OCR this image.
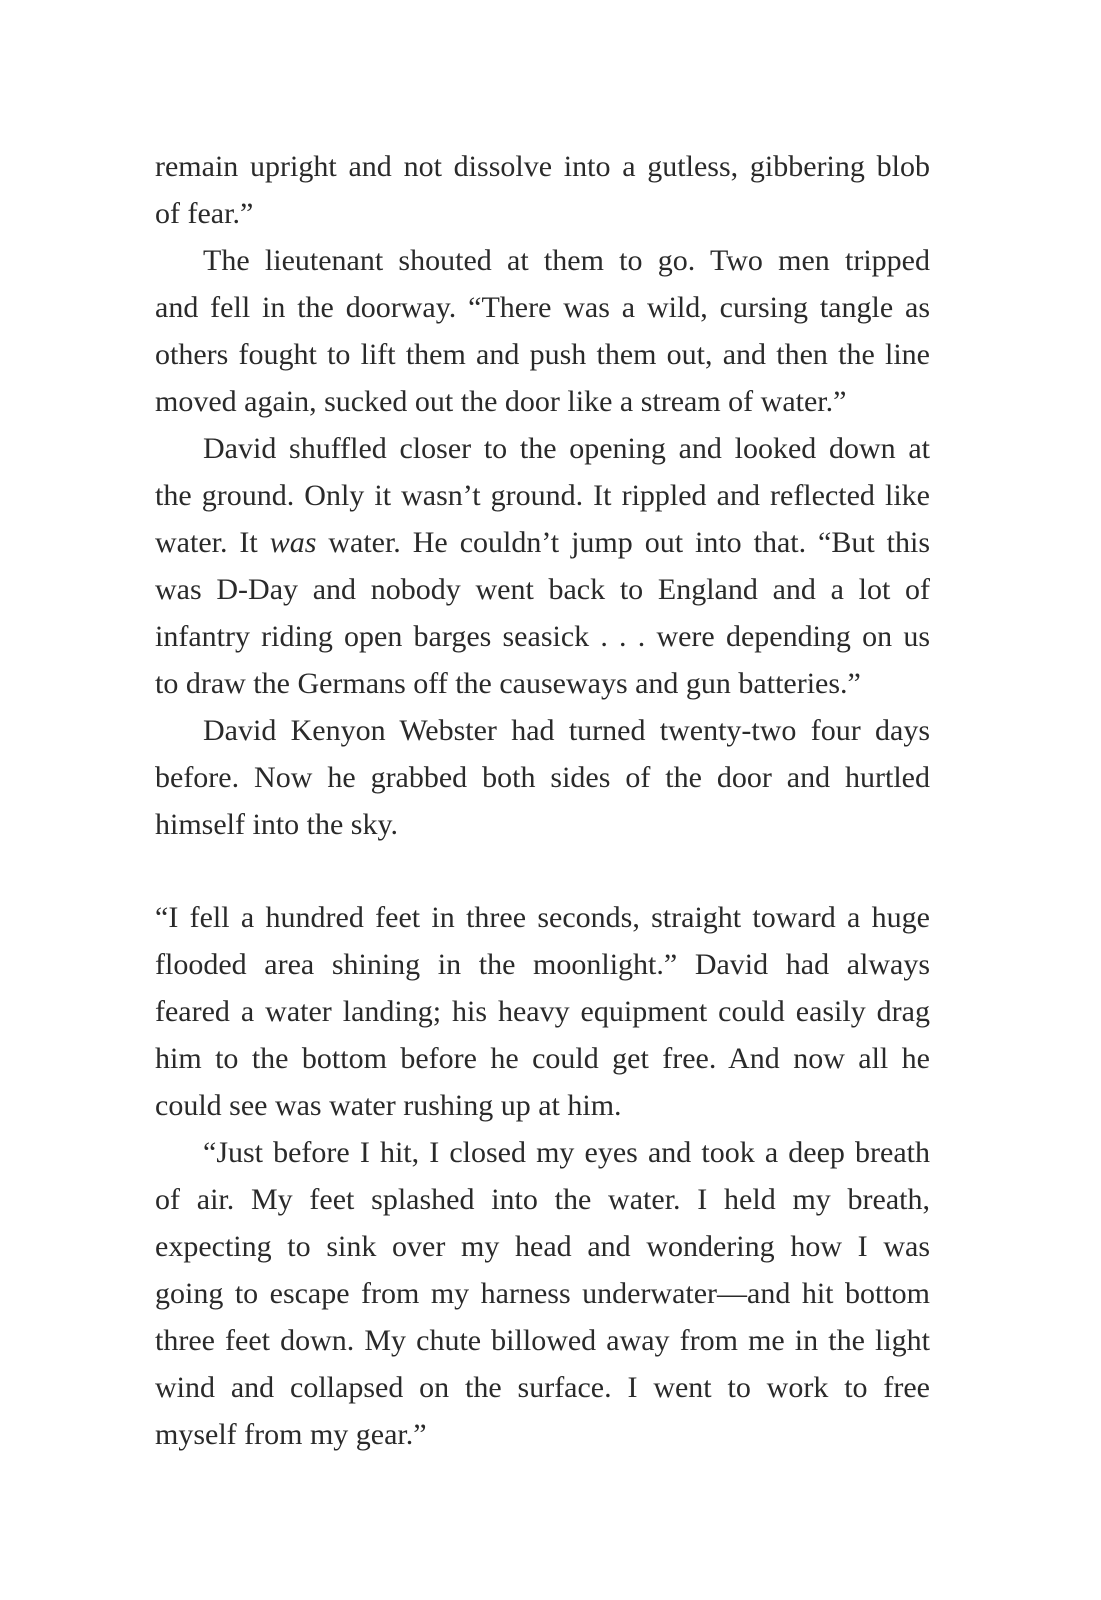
remain upright and not dissolve into a gutless, gibbering blob
of fear.”
The lieutenant shouted at them to go. Two men tripped
and fell in the doorway. “There was a wild, cursing tangle as
others fought to lift them and push them out, and then the line
moved again, sucked out the door like a stream of water.”
David shuffled closer to the opening and looked down at
the ground. Only it wasn’t ground. It rippled and reflected like
water. It was water. He couldn’t jump out into that. “But this
was D-Day and nobody went back to England and a lot of
infantry riding open barges seasick . . . were depending on us
to draw the Germans off the causeways and gun batteries.”
David Kenyon Webster had turned twenty-two four days
before. Now he grabbed both sides of the door and hurtled
himself into the sky.
“I fell a hundred feet in three seconds, straight toward a huge
flooded area shining in the moonlight.” David had always
feared a water landing; his heavy equipment could easily drag
him to the bottom before he could get free. And now all he
could see was water rushing up at him.
“Just before I hit, I closed my eyes and took a deep breath
of air. My feet splashed into the water. I held my breath,
expecting to sink over my head and wondering how I was
going to escape from my harness underwater—and hit bottom
three feet down. My chute billowed away from me in the light
wind and collapsed on the surface. I went to work to free
myself from my gear.”
